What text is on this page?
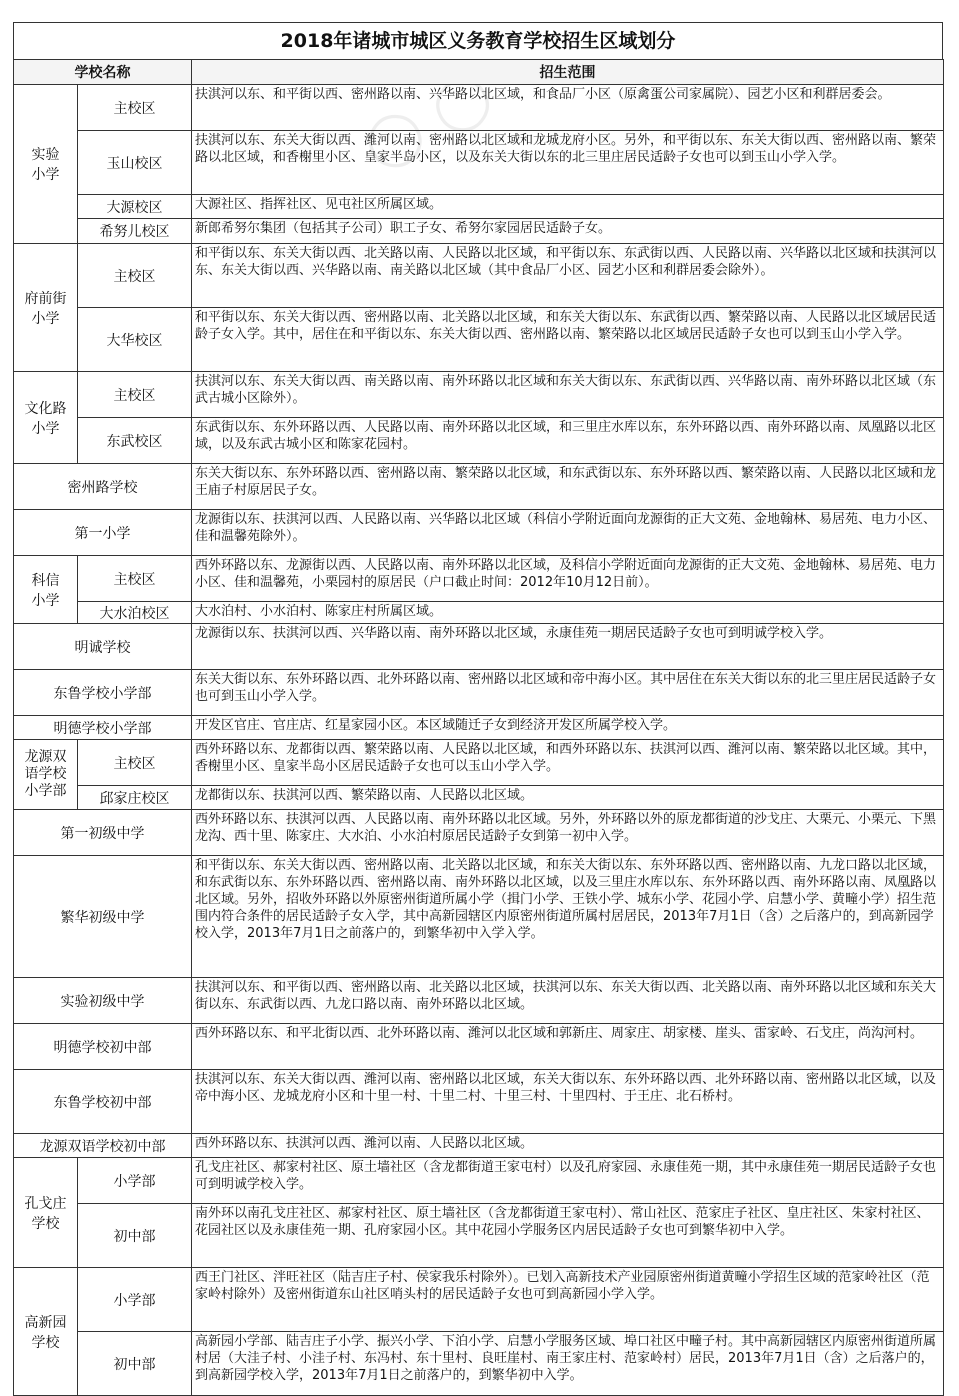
◯ ◯
2018年诸城市城区义务教育学校招生区域划分
学校名称		招生范围
实验
小学	主校区	扶淇河以东、和平街以西、密州路以南、兴华路以北区域，和食品厂小区（原禽蛋公司家属院）、园艺小区和利群居委会。
	玉山校区	扶淇河以东、东关大街以西、潍河以南、密州路以北区域和龙城龙府小区。另外，和平街以东、东关大街以西、密州路以南、繁荣路以北区域，和香榭里小区、皇家半岛小区，以及东关大街以东的北三里庄居民适龄子女也可以到玉山小学入学。
	大源校区	大源社区、指挥社区、见屯社区所属区域。
	希努儿校区	新郎希努尔集团（包括其子公司）职工子女、希努尔家园居民适龄子女。
府前街
小学	主校区	和平街以东、东关大街以西、北关路以南、人民路以北区域，和平街以东、东武街以西、人民路以南、兴华路以北区域和扶淇河以东、东关大街以西、兴华路以南、南关路以北区域（其中食品厂小区、园艺小区和利群居委会除外）。
	大华校区	和平街以东、东关大街以西、密州路以南、北关路以北区域，和东关大街以东、东武街以西、繁荣路以南、人民路以北区域居民适龄子女入学。其中，居住在和平街以东、东关大街以西、密州路以南、繁荣路以北区域居民适龄子女也可以到玉山小学入学。
文化路
小学	主校区	扶淇河以东、东关大街以西、南关路以南、南外环路以北区域和东关大街以东、东武街以西、兴华路以南、南外环路以北区域（东武古城小区除外）。
	东武校区	东武街以东、东外环路以西、人民路以南、南外环路以北区域，和三里庄水库以东，东外环路以西、南外环路以南、凤凰路以北区域，以及东武古城小区和陈家花园村。
密州路学校		东关大街以东、东外环路以西、密州路以南、繁荣路以北区域，和东武街以东、东外环路以西、繁荣路以南、人民路以北区域和龙王庙子村原居民子女。
第一小学		龙源街以东、扶淇河以西、人民路以南、兴华路以北区域（科信小学附近面向龙源街的正大文苑、金地翰林、易居苑、电力小区、佳和温馨苑除外）。
科信
小学	主校区	西外环路以东、龙源街以西、人民路以南、南外环路以北区域，及科信小学附近面向龙源街的正大文苑、金地翰林、易居苑、电力小区、佳和温馨苑，小栗园村的原居民（户口截止时间：2012年10月12日前）。
	大水泊校区	大水泊村、小水泊村、陈家庄村所属区域。
明诚学校		龙源街以东、扶淇河以西、兴华路以南、南外环路以北区域，永康佳苑一期居民适龄子女也可到明诚学校入学。
东鲁学校小学部		东关大街以东、东外环路以西、北外环路以南、密州路以北区域和帝中海小区。其中居住在东关大街以东的北三里庄居民适龄子女也可到玉山小学入学。
明德学校小学部		开发区官庄、官庄店、红星家园小区。本区域随迁子女到经济开发区所属学校入学。
龙源双
语学校
小学部	主校区	西外环路以东、龙都街以西、繁荣路以南、人民路以北区域，和西外环路以东、扶淇河以西、潍河以南、繁荣路以北区域。其中，香榭里小区、皇家半岛小区居民适龄子女也可以玉山小学入学。
	邱家庄校区	龙都街以东、扶淇河以西、繁荣路以南、人民路以北区域。
第一初级中学		西外环路以东、扶淇河以西、人民路以南、南外环路以北区域。另外，外环路以外的原龙都街道的沙戈庄、大栗元、小栗元、下黑龙沟、西十里、陈家庄、大水泊、小水泊村原居民适龄子女到第一初中入学。
繁华初级中学		和平街以东、东关大街以西、密州路以南、北关路以北区域，和东关大街以东、东外环路以西、密州路以南、九龙口路以北区域，和东武街以东、东外环路以西、密州路以南、南外环路以北区域，以及三里庄水库以东、东外环路以西、南外环路以南、凤凰路以北区域。另外，招收外环路以外原密州街道所属小学（揖门小学、王铁小学、城东小学、花园小学、启慧小学、黄疃小学）招生范围内符合条件的居民适龄子女入学，其中高新园辖区内原密州街道所属村居居民，2013年7月1日（含）之后落户的，到高新园学校入学，2013年7月1日之前落户的，到繁华初中入学入学。
实验初级中学		扶淇河以东、和平街以西、密州路以南、北关路以北区域，扶淇河以东、东关大街以西、北关路以南、南外环路以北区域和东关大街以东、东武街以西、九龙口路以南、南外环路以北区域。
明德学校初中部		西外环路以东、和平北街以西、北外环路以南、潍河以北区域和郭新庄、周家庄、胡家楼、崖头、雷家岭、石戈庄，尚沟河村。
东鲁学校初中部		扶淇河以东、东关大街以西、潍河以南、密州路以北区域，东关大街以东、东外环路以西、北外环路以南、密州路以北区域，以及帝中海小区、龙城龙府小区和十里一村、十里二村、十里三村、十里四村、于王庄、北石桥村。
龙源双语学校初中部		西外环路以东、扶淇河以西、潍河以南、人民路以北区域。
孔戈庄
学校	小学部	孔戈庄社区、郝家村社区、原土墙社区（含龙都街道王家屯村）以及孔府家园、永康佳苑一期，其中永康佳苑一期居民适龄子女也可到明诚学校入学。
	初中部	南外环以南孔戈庄社区、郝家村社区、原土墙社区（含龙都街道王家屯村）、常山社区、范家庄子社区、皇庄社区、朱家村社区、花园社区以及永康佳苑一期、孔府家园小区。其中花园小学服务区内居民适龄子女也可到繁华初中入学。
高新园
学校	小学部	西王门社区、泮旺社区（陆吉庄子村、侯家我乐村除外）。已划入高新技术产业园原密州街道黄疃小学招生区域的范家岭社区（范家岭村除外）及密州街道东山社区哨头村的居民适龄子女也可到高新园小学入学。
	初中部	高新园小学部、陆吉庄子小学、振兴小学、下泊小学、启慧小学服务区域、埠口社区中疃子村。其中高新园辖区内原密州街道所属村居（大洼子村、小洼子村、东冯村、东十里村、良旺崖村、南王家庄村、范家岭村）居民，2013年7月1日（含）之后落户的，到高新园学校入学，2013年7月1日之前落户的，到繁华初中入学。
